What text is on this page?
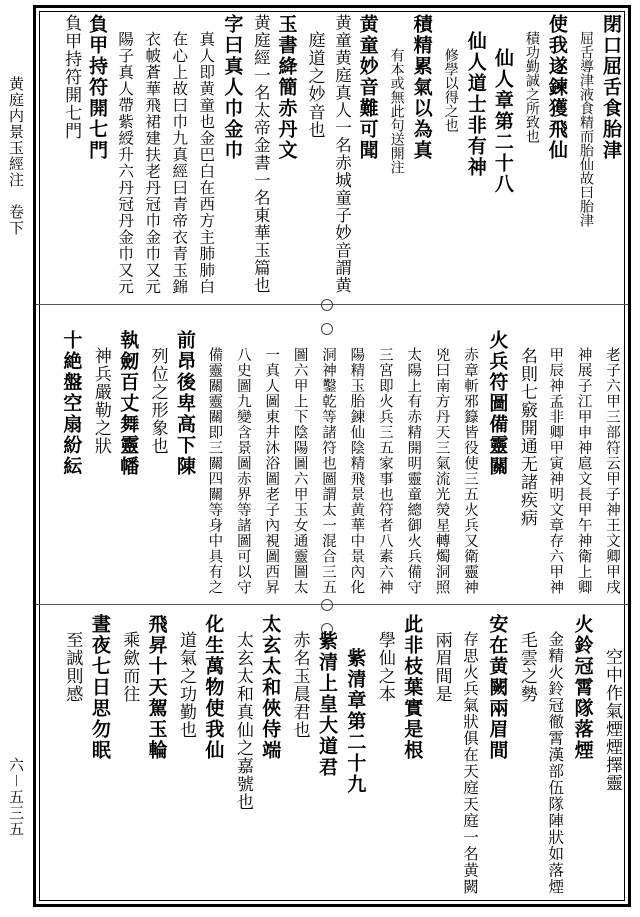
黄庭内景玉經注　卷下
六－五三五
閉口屈舌食胎津
屈舌導津液食精而胎仙故曰胎津
使我遂鍊獲飛仙
積功勤誠之所致也
仙人章第二十八
仙人道士非有神
修學以得之也
積精累氣以為真
有本或無此句送開注
黄童妙音難可聞
黄童黄庭真人一名赤城童子妙音謂黄
庭道之妙音也
玉書絳簡赤丹文
黄庭經一名太帝金書一名東華玉篇也
字曰真人巾金巾
真人即黄童也金巴白在西方主肺肺白
在心上故曰巾九真經曰青帝衣青玉錦
衣帔蒼華飛裙建扶老丹冠巾金巾又元
陽子真人帶紫綬升六丹冠丹金巾又元
負甲持符開七門
負甲持符開七門
老子六甲三部符云甲子神王文卿甲戌
神展子江甲申神扈文長甲午神衛上卿
甲辰神孟非卿甲寅神明文章存六甲神
名則七竅開通无諸疾病
火兵符圖備靈關
赤章斬邪籙皆役使三五火兵又衛靈神
兇曰南方丹天三氣流光熒星轉燭洞照
太陽上有赤精開明靈童總御火兵備守
三宮即火兵三五家事也符者八素六神
陽精玉胎鍊仙陰精飛景黄華中景內化
洞神鑿乾等諸符也圖謂太一混合三五
圖六甲上下陰陽圖六甲玉女通靈圖太
一真人圖東井沐浴圖老子內視圖西昇
八史圖九變含景圖赤界等諸圖可以守
備靈關靈關即三關四關等身中具有之
前昂後卑高下陳
列位之形象也
執劒百丈舞靈幡
神兵嚴勒之狀
十絶盤空扇紛紜
空中作氣煙煙擇靈
火鈴冠霄隊落煙
金精火鈴冠徹霄漢部伍隊陣狀如落煙
毛雲之勢
安在黄闕兩眉間
存思火兵氣狀俱在天庭天庭一名黄闕
兩眉間是
此非枝葉實是根
學仙之本
紫清章第二十九
紫清上皇大道君
赤名玉晨君也
太玄太和俠侍端
太玄太和真仙之嘉號也
化生萬物使我仙
道氣之功勤也
飛昇十天駕玉輪
乘歛而往
晝夜七日思勿眠
至誠則感
